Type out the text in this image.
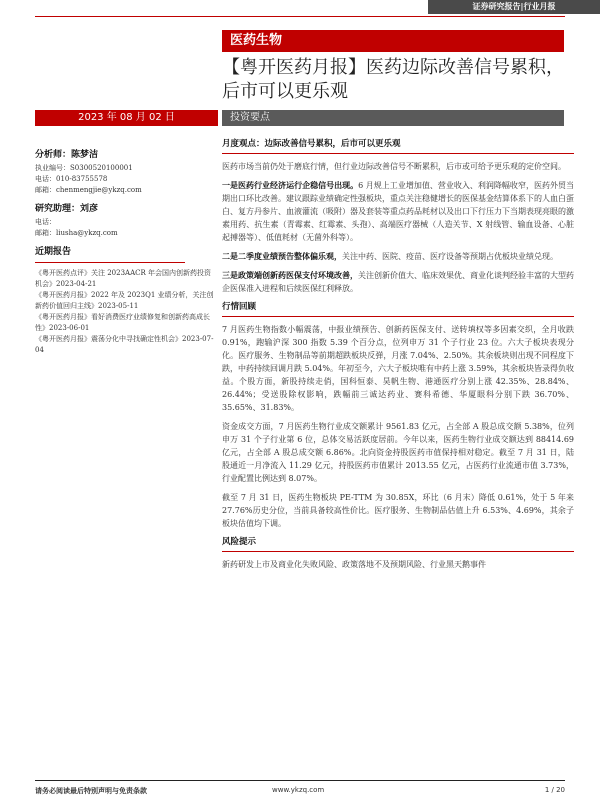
证券研究报告|行业月报
医药生物
【粤开医药月报】医药边际改善信号累积，后市可以更乐观
2023 年 08 月 02 日	投资要点
分析师：陈梦洁
执业编号：S0300520100001
电话：010-83755578
邮箱：chenmengjie@ykzq.com
研究助理：刘彦
电话：
邮箱：liusha@ykzq.com
近期报告

《粤开医药点评》关注 2023AACR 年会国内创新药投资机会》2023-04-21

《粤开医药月报》2022 年及 2023Q1 业绩分析，关注创新药价值回归主线》2023-05-11

《粤开医药月报》看好消费医疗业绩修复和创新药高成长性》2023-06-01

《粤开医药月报》震荡分化中寻找确定性机会》2023-07-04

月度观点：边际改善信号累积，后市可以更乐观

医药市场当前仍处于磨底行情，但行业边际改善信号不断累积，后市或可给予更乐观的定价空间。

一是医药行业经济运行企稳信号出现。6 月规上工业增加值、营业收入、利润降幅收窄，医药外贸当期出口环比改善。建议跟踪业绩确定性强板块，重点关注稳健增长的医保基金结算体系下的人血白蛋白、复方丹参片、血液灌流（吸附）器及套装等重点药品耗材以及出口下行压力下当期表现亮眼的激素用药、抗生素（青霉素、红霉素、头孢）、高端医疗器械（人造关节、X 射线管、输血设备、心脏起搏器等）、低值耗材（无菌外科等）。

二是二季度业绩预告整体偏乐观，关注中药、医院、疫苗、医疗设备等预期占优板块业绩兑现。

三是政策端创新药医保支付环境改善，关注创新价值大、临床效果优、商业化谈判经验丰富的大型药企医保准入进程和后续医保红利释放。

行情回顾

7 月医药生物指数小幅震荡，中报业绩预告、创新药医保支付、送转填权等多因素交织，全月收跌 0.91%，跑输沪深 300 指数 5.39 个百分点，位列申万 31 个子行业 23 位。六大子板块表现分化。医疗服务、生物制品等前期超跌板块反弹，月涨 7.04%、2.50%。其余板块则出现不同程度下跌，中药持续回调月跌 5.04%。年初至今，六大子板块唯有中药上涨 3.59%，其余板块皆录得负收益。个股方面，新股持续走俏，国科恒泰、昊帆生物、港通医疗分别上涨 42.35%、28.84%、26.44%；受送股除权影响，跌幅前三诚达药业、赛科希德、华厦眼科分别下跌 36.70%、35.65%、31.83%。

资金成交方面，7 月医药生物行业成交额累计 9561.83 亿元，占全部 A 股总成交额 5.38%，位列申万 31 个子行业第 6 位，总体交易活跃度居前。今年以来，医药生物行业成交额达到 88414.69 亿元，占全部 A 股总成交额 6.86%。北向资金持股医药市值保持相对稳定。截至 7 月 31 日，陆股通近一月净流入 11.29 亿元，持股医药市值累计 2013.55 亿元，占医药行业流通市值 3.73%，行业配置比例达到 8.07%。

截至 7 月 31 日，医药生物板块 PE-TTM 为 30.85X，环比（6 月末）降低 0.61%，处于 5 年来 27.76%历史分位，当前具备较高性价比。医疗服务、生物制品估值上升 6.53%、4.69%，其余子板块估值均下调。

风险提示

新药研发上市及商业化失败风险、政策落地不及预期风险、行业黑天鹅事件

请务必阅读最后特别声明与免责条款	www.ykzq.com	1 / 20
